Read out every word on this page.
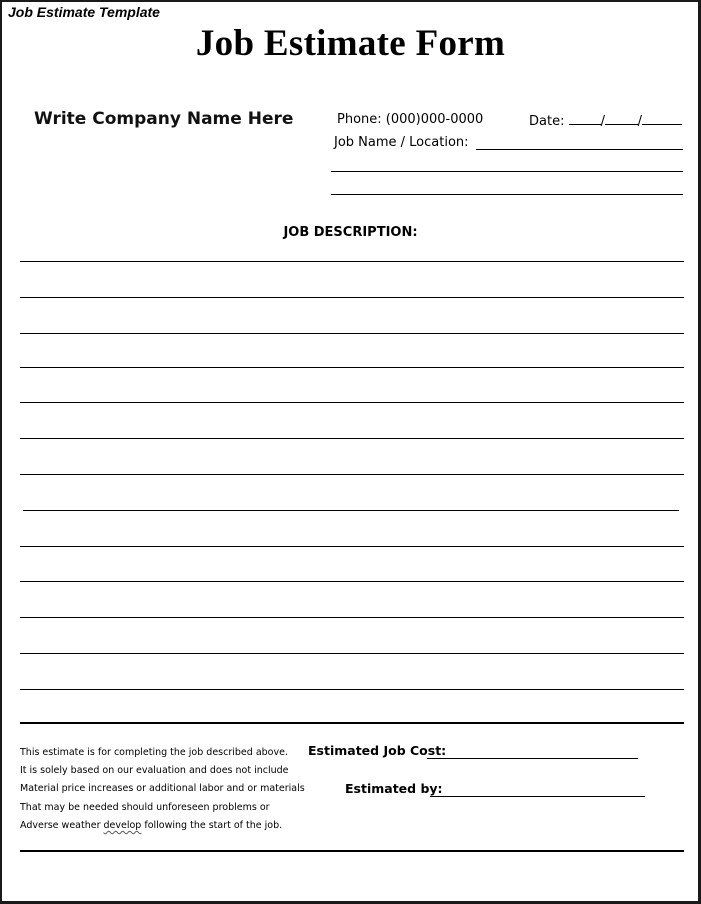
Job Estimate Template
Job Estimate Form
Write Company Name Here	Phone: (000)000-0000	Date:	/	/
Job Name / Location:
JOB DESCRIPTION:
This estimate is for completing the job described above.
It is solely based on our evaluation and does not include
Material price increases or additional labor and or materials
That may be needed should unforeseen problems or
Adverse weather develop following the start of the job.
Estimated Job Cost:
Estimated by:
